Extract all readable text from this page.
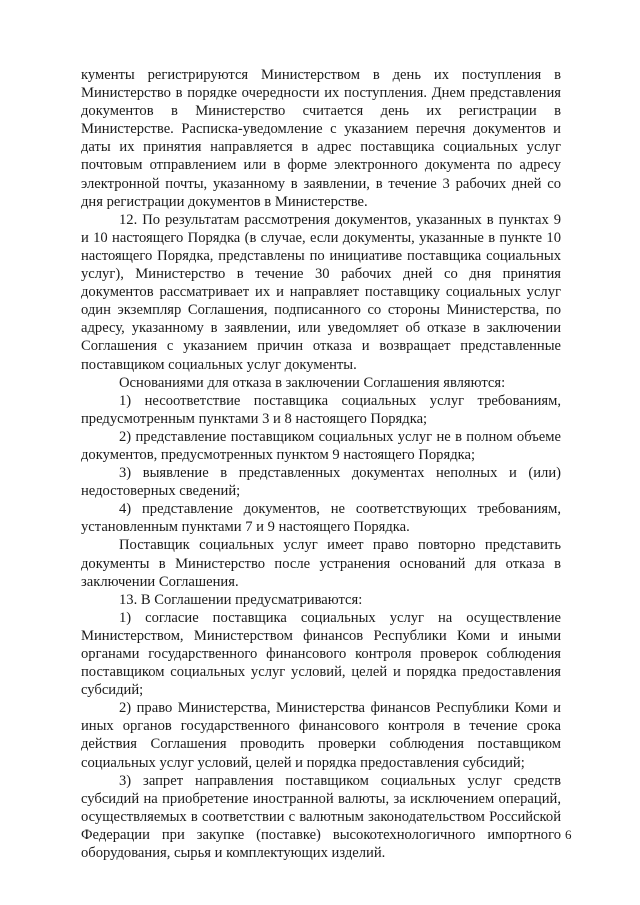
кументы регистрируются Министерством в день их поступления в Министерство в порядке очередности их поступления. Днем представления документов в Министерство считается день их регистрации в Министерстве. Расписка-уведомление с указанием перечня документов и даты их принятия направляется в адрес поставщика социальных услуг почтовым отправлением или в форме электронного документа по адресу электронной почты, указанному в заявлении, в течение 3 рабочих дней со дня регистрации документов в Министерстве.

12. По результатам рассмотрения документов, указанных в пунктах 9 и 10 настоящего Порядка (в случае, если документы, указанные в пункте 10 настоящего Порядка, представлены по инициативе поставщика социальных услуг), Министерство в течение 30 рабочих дней со дня принятия документов рассматривает их и направляет поставщику социальных услуг один экземпляр Соглашения, подписанного со стороны Министерства, по адресу, указанному в заявлении, или уведомляет об отказе в заключении Соглашения с указанием причин отказа и возвращает представленные поставщиком социальных услуг документы.

Основаниями для отказа в заключении Соглашения являются:

1) несоответствие поставщика социальных услуг требованиям, предусмотренным пунктами 3 и 8 настоящего Порядка;

2) представление поставщиком социальных услуг не в полном объеме документов, предусмотренных пунктом 9 настоящего Порядка;

3) выявление в представленных документах неполных и (или) недостоверных сведений;

4) представление документов, не соответствующих требованиям, установленным пунктами 7 и 9 настоящего Порядка.

Поставщик социальных услуг имеет право повторно представить документы в Министерство после устранения оснований для отказа в заключении Соглашения.

13. В Соглашении предусматриваются:

1) согласие поставщика социальных услуг на осуществление Министерством, Министерством финансов Республики Коми и иными органами государственного финансового контроля проверок соблюдения поставщиком социальных услуг условий, целей и порядка предоставления субсидий;

2) право Министерства, Министерства финансов Республики Коми и иных органов государственного финансового контроля в течение срока действия Соглашения проводить проверки соблюдения поставщиком социальных услуг условий, целей и порядка предоставления субсидий;

3) запрет направления поставщиком социальных услуг средств субсидий на приобретение иностранной валюты, за исключением операций, осуществляемых в соответствии с валютным законодательством Российской Федерации при закупке (поставке) высокотехнологичного импортного оборудования, сырья и комплектующих изделий.

6
